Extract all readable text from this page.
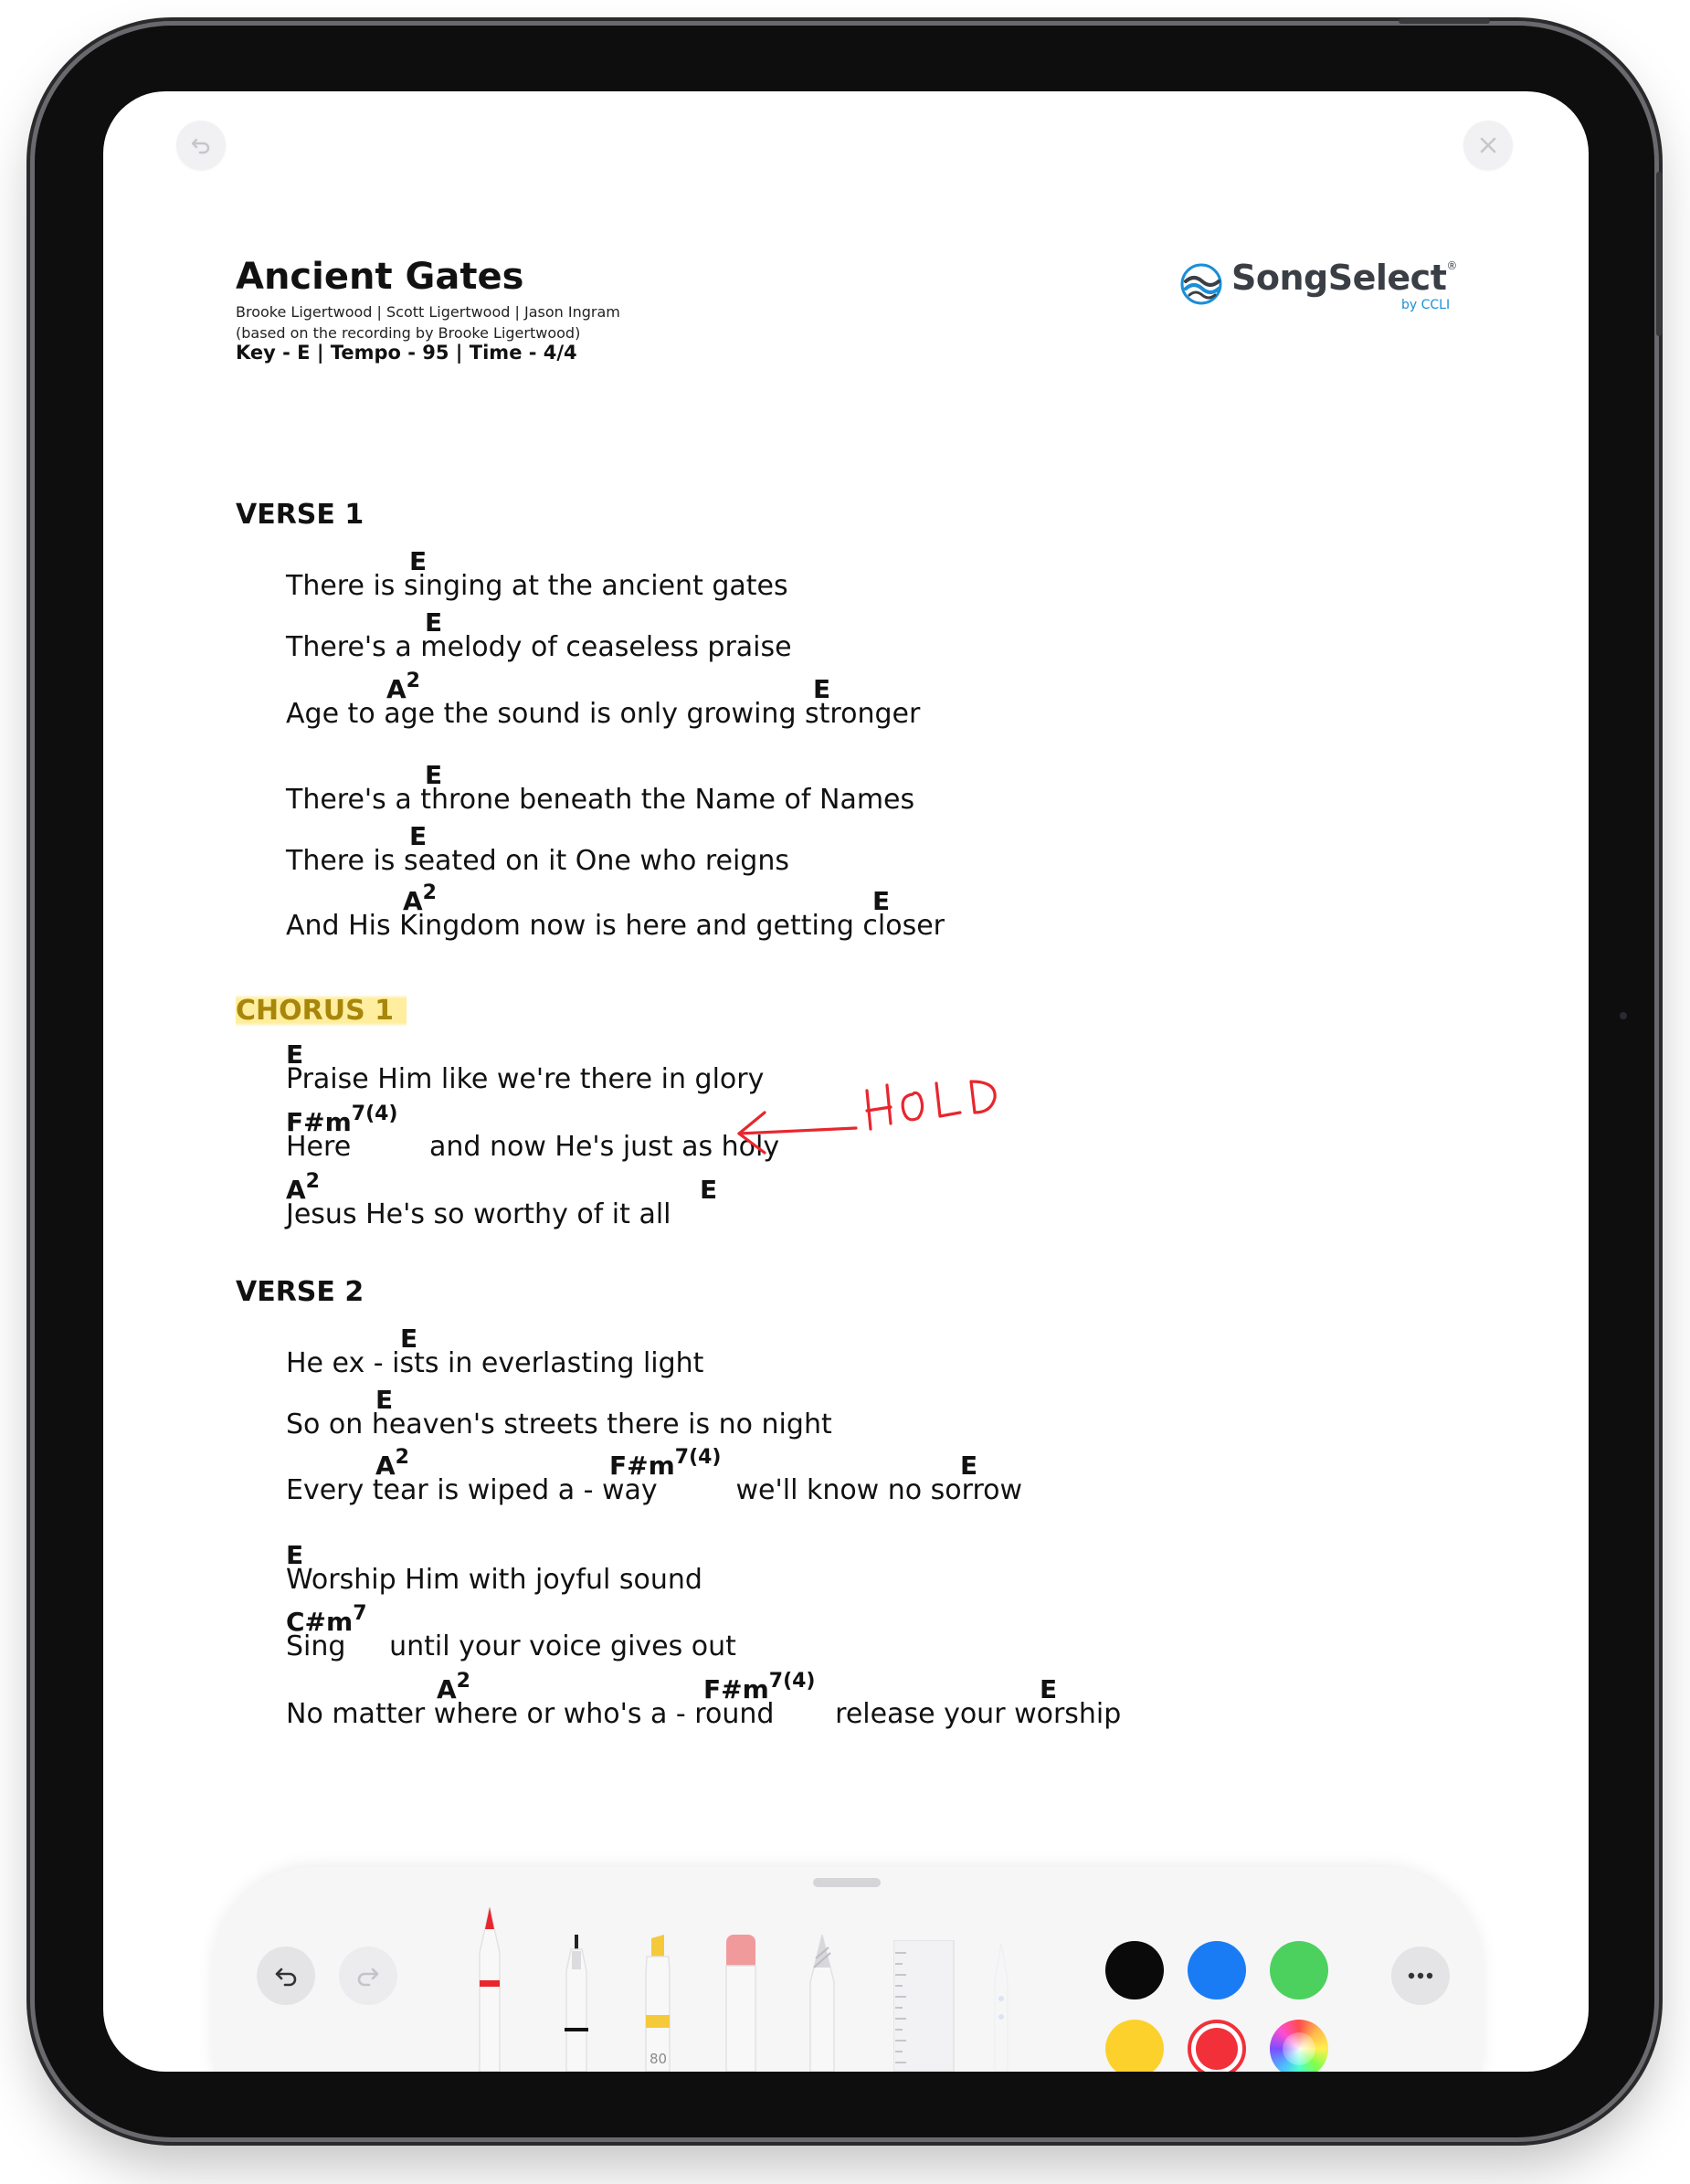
Ancient Gates
Brooke Ligertwood | Scott Ligertwood | Jason Ingram
(based on the recording by Brooke Ligertwood)
Key - E | Tempo - 95 | Time - 4/4
SongSelect®
by CCLI
VERSE 1
E
There is singing at the ancient gates
E
There's a melody of ceaseless praise
$A^2$	E
Age to age the sound is only growing stronger
E
There's a throne beneath the Name of Names
E
There is seated on it One who reigns
$A^2$	E
And His Kingdom now is here and getting closer
CHORUS 1
E
Praise Him like we're there in glory
$F\#m^{7(4)}$
Here         and now He's just as holy
$A^2$	E
Jesus He's so worthy of it all
VERSE 2
E
He ex - ists in everlasting light
E
So on heaven's streets there is no night
$A^2$	$F\#m^{7(4)}$	E
Every tear is wiped a - way         we'll know no sorrow
E
Worship Him with joyful sound
$C\#m^7$
Sing     until your voice gives out
$A^2$	$F\#m^{7(4)}$	E
No matter where or who's a - round       release your worship
80
